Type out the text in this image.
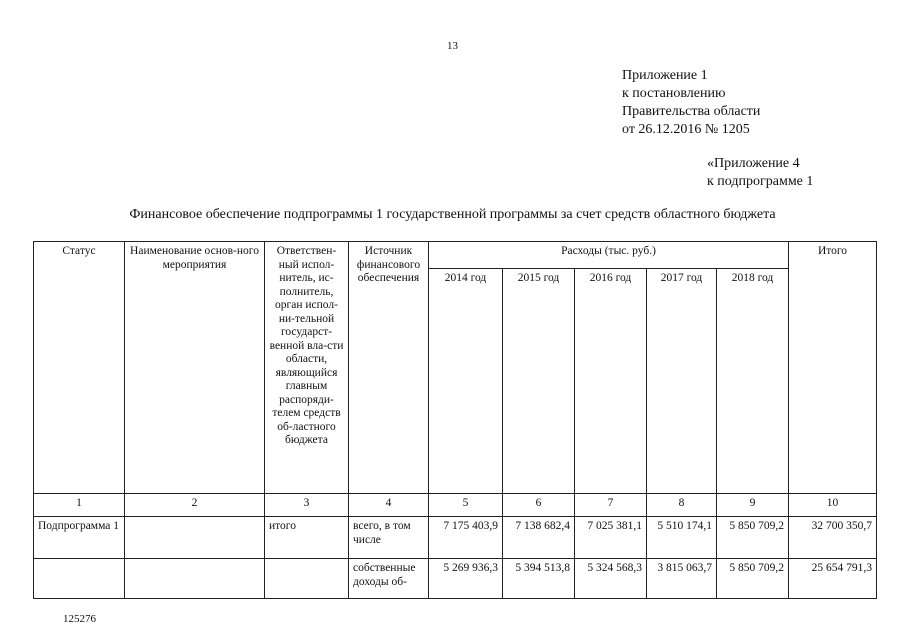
13
Приложение 1
к постановлению
Правительства области
от 26.12.2016 № 1205
«Приложение 4
к подпрограмме 1
Финансовое обеспечение подпрограммы 1 государственной программы за счет средств областного бюджета
Статус	Наименование основ-ного мероприятия	Ответствен-ный испол-нитель, ис-полнитель, орган испол-ни-тельной государст-венной вла-сти области, являющийся главным распоряди-телем средств об-ластного бюджета	Источник финансового обеспечения	Расходы (тыс. руб.)					Итого
				2014 год	2015 год	2016 год	2017 год	2018 год	
1	2	3	4	5	6	7	8	9	10
Подпрограмма 1		итого	всего, в том числе	7 175 403,9	7 138 682,4	7 025 381,1	5 510 174,1	5 850 709,2	32 700 350,7
			собственные доходы об-	5 269 936,3	5 394 513,8	5 324 568,3	3 815 063,7	5 850 709,2	25 654 791,3
125276
